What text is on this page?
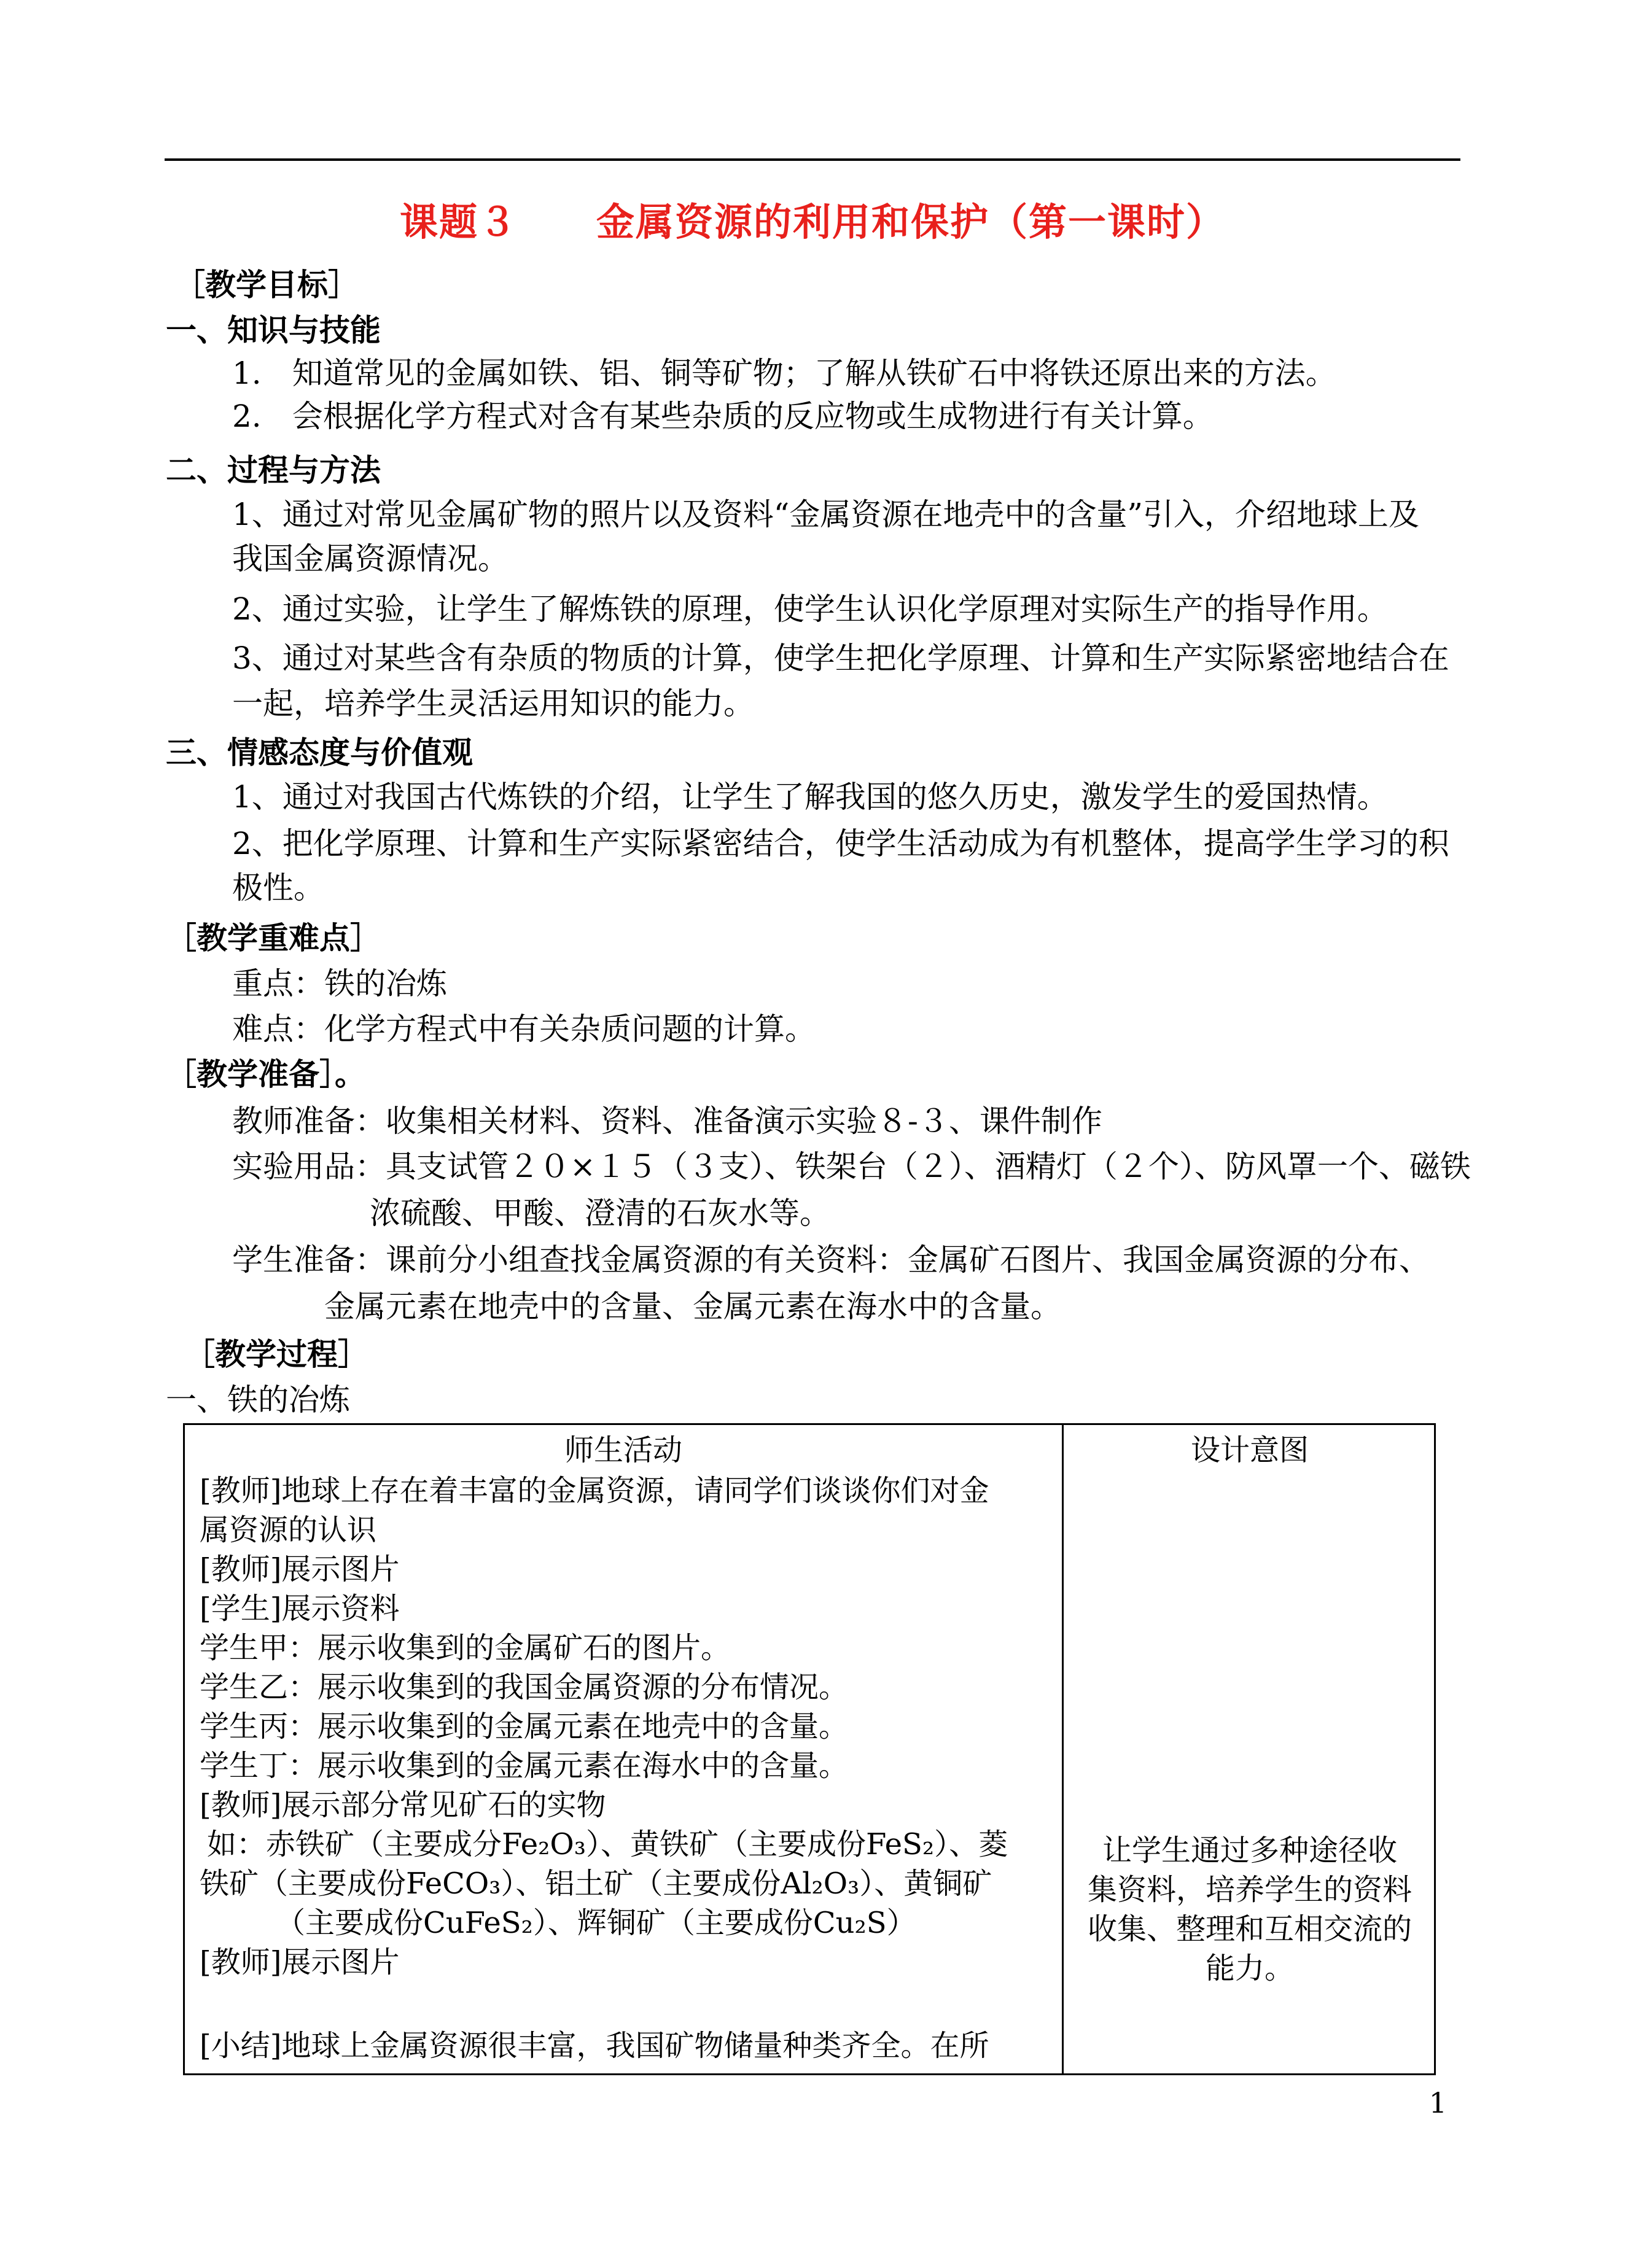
课题３　　金属资源的利用和保护（第一课时）
［教学目标］
一、知识与技能
1.　知道常见的金属如铁、铝、铜等矿物；了解从铁矿石中将铁还原出来的方法。
2.　会根据化学方程式对含有某些杂质的反应物或生成物进行有关计算。
二、过程与方法
1、通过对常见金属矿物的照片以及资料“金属资源在地壳中的含量”引入，介绍地球上及
我国金属资源情况。
2、通过实验，让学生了解炼铁的原理，使学生认识化学原理对实际生产的指导作用。
3、通过对某些含有杂质的物质的计算，使学生把化学原理、计算和生产实际紧密地结合在
一起，培养学生灵活运用知识的能力。
三、情感态度与价值观
1、通过对我国古代炼铁的介绍，让学生了解我国的悠久历史，激发学生的爱国热情。
2、把化学原理、计算和生产实际紧密结合，使学生活动成为有机整体，提高学生学习的积
极性。
［教学重难点］
重点：铁的冶炼
难点：化学方程式中有关杂质问题的计算。
［教学准备］。
教师准备：收集相关材料、资料、准备演示实验８-３、课件制作
实验用品：具支试管２０×１５（３支）、铁架台（２）、酒精灯（２个）、防风罩一个、磁铁
浓硫酸、甲酸、澄清的石灰水等。
学生准备：课前分小组查找金属资源的有关资料：金属矿石图片、我国金属资源的分布、
金属元素在地壳中的含量、金属元素在海水中的含量。
［教学过程］
一、铁的冶炼
师生活动	设计意图
[教师]地球上存在着丰富的金属资源，请同学们谈谈你们对金
属资源的认识
[教师]展示图片
[学生]展示资料
学生甲：展示收集到的金属矿石的图片。
学生乙：展示收集到的我国金属资源的分布情况。
学生丙：展示收集到的金属元素在地壳中的含量。
学生丁：展示收集到的金属元素在海水中的含量。
[教师]展示部分常见矿石的实物
如：赤铁矿（主要成分Fe₂O₃）、黄铁矿（主要成份FeS₂）、菱
铁矿（主要成份FeCO₃）、铝土矿（主要成份Al₂O₃）、黄铜矿
（主要成份CuFeS₂）、辉铜矿（主要成份Cu₂S）
[教师]展示图片
[小结]地球上金属资源很丰富，我国矿物储量种类齐全。在所
让学生通过多种途径收
集资料，培养学生的资料
收集、整理和互相交流的
能力。
1
